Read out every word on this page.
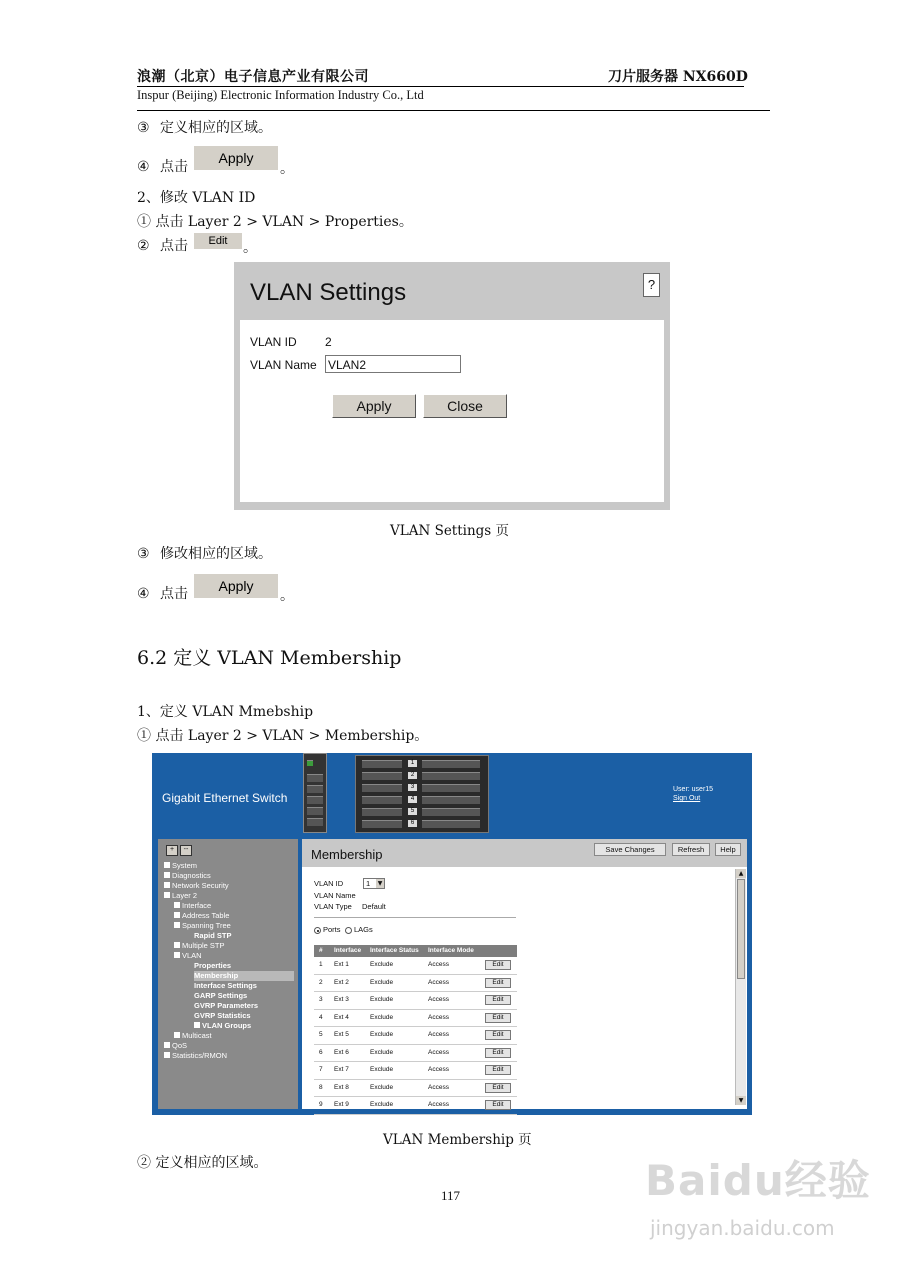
浪潮（北京）电子信息产业有限公司	刀片服务器 NX660D
Inspur (Beijing) Electronic Information Industry Co., Ltd
③ 定义相应的区域。
④ 点击
Apply
。
2、修改 VLAN ID
① 点击 Layer 2 > VLAN > Properties。
② 点击	Edit	。
VLAN Settings	?
VLAN ID 2
VLAN Name VLAN2
Apply	Close
VLAN Settings 页
③ 修改相应的区域。
④ 点击	Apply
。
6.2 定义 VLAN Membership
1、定义 VLAN Mmebship
① 点击 Layer 2 > VLAN > Membership。
Gigabit Ethernet Switch
1
2
3
4
5
6
User: user15
Sign Out
+	--
System
Diagnostics
Network Security
Layer 2
Interface
Address Table
Spanning Tree
Rapid STP
Multiple STP
VLAN
Properties
Membership
Interface Settings
GARP Settings
GVRP Parameters
GVRP Statistics
VLAN Groups
Multicast
QoS
Statistics/RMON
Membership	Save Changes	Refresh	Help
VLAN ID	1 ▼
VLAN Name
VLAN Type Default
Ports LAGs
# Interface Interface Status Interface Mode
1 Ext 1	Exclude	Access	Edit
2 Ext 2	Exclude	Access	Edit
3 Ext 3	Exclude	Access	Edit
4 Ext 4	Exclude	Access	Edit
5 Ext 5	Exclude	Access	Edit
6 Ext 6	Exclude	Access	Edit
7 Ext 7	Exclude	Access	Edit
8 Ext 8	Exclude	Access	Edit
9 Ext 9	Exclude	Access	Edit
▲
▼
VLAN Membership 页
② 定义相应的区域。
117	Baidu经验
jingyan.baidu.com
